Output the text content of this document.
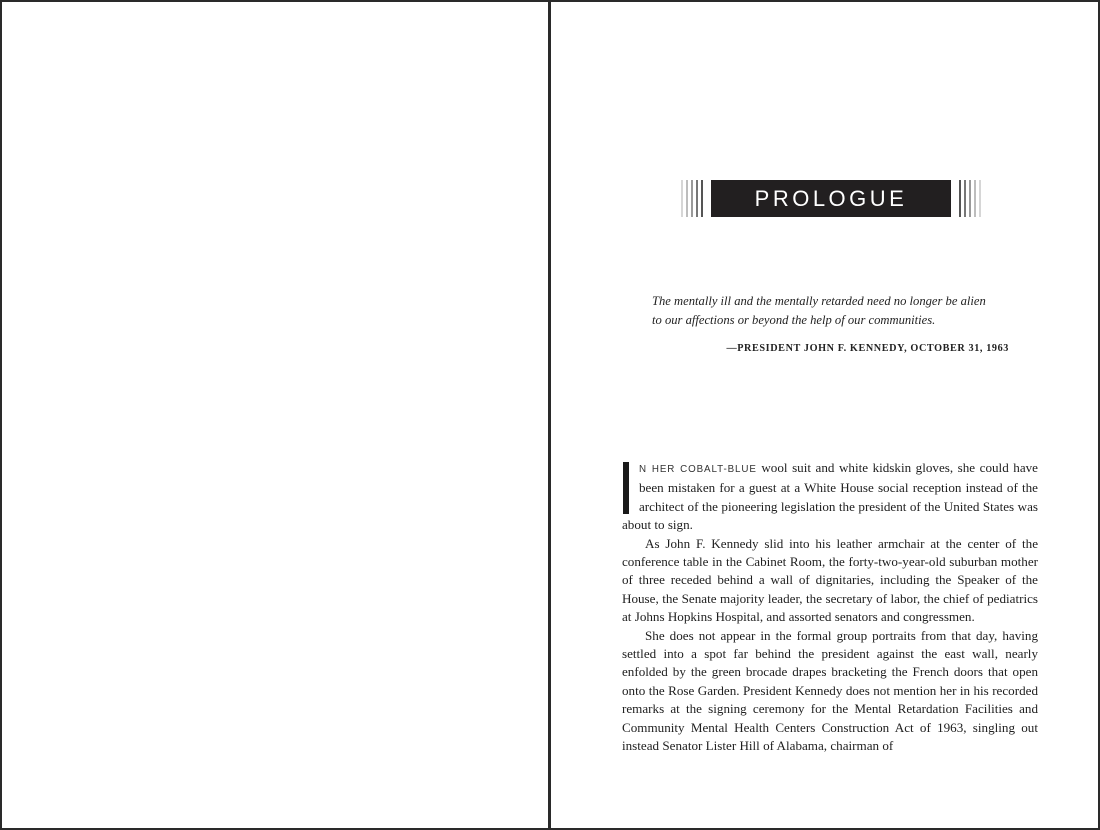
PROLOGUE
The mentally ill and the mentally retarded need no longer be alien
to our affections or beyond the help of our communities.
—PRESIDENT JOHN F. KENNEDY, OCTOBER 31, 1963

N HER COBALT-BLUE wool suit and white kidskin gloves, she could have been mistaken for a guest at a White House social reception instead of the architect of the pioneering legislation the president of the United States was about to sign.

As John F. Kennedy slid into his leather armchair at the center of the conference table in the Cabinet Room, the forty-two-year-old suburban mother of three receded behind a wall of dignitaries, including the Speaker of the House, the Senate majority leader, the secretary of labor, the chief of pediatrics at Johns Hopkins Hospital, and assorted senators and congressmen.

She does not appear in the formal group portraits from that day, having settled into a spot far behind the president against the east wall, nearly enfolded by the green brocade drapes bracketing the French doors that open onto the Rose Garden. President Kennedy does not mention her in his recorded remarks at the signing ceremony for the Mental Retardation Facilities and Community Mental Health Centers Construction Act of 1963, singling out instead Senator Lister Hill of Alabama, chairman of
